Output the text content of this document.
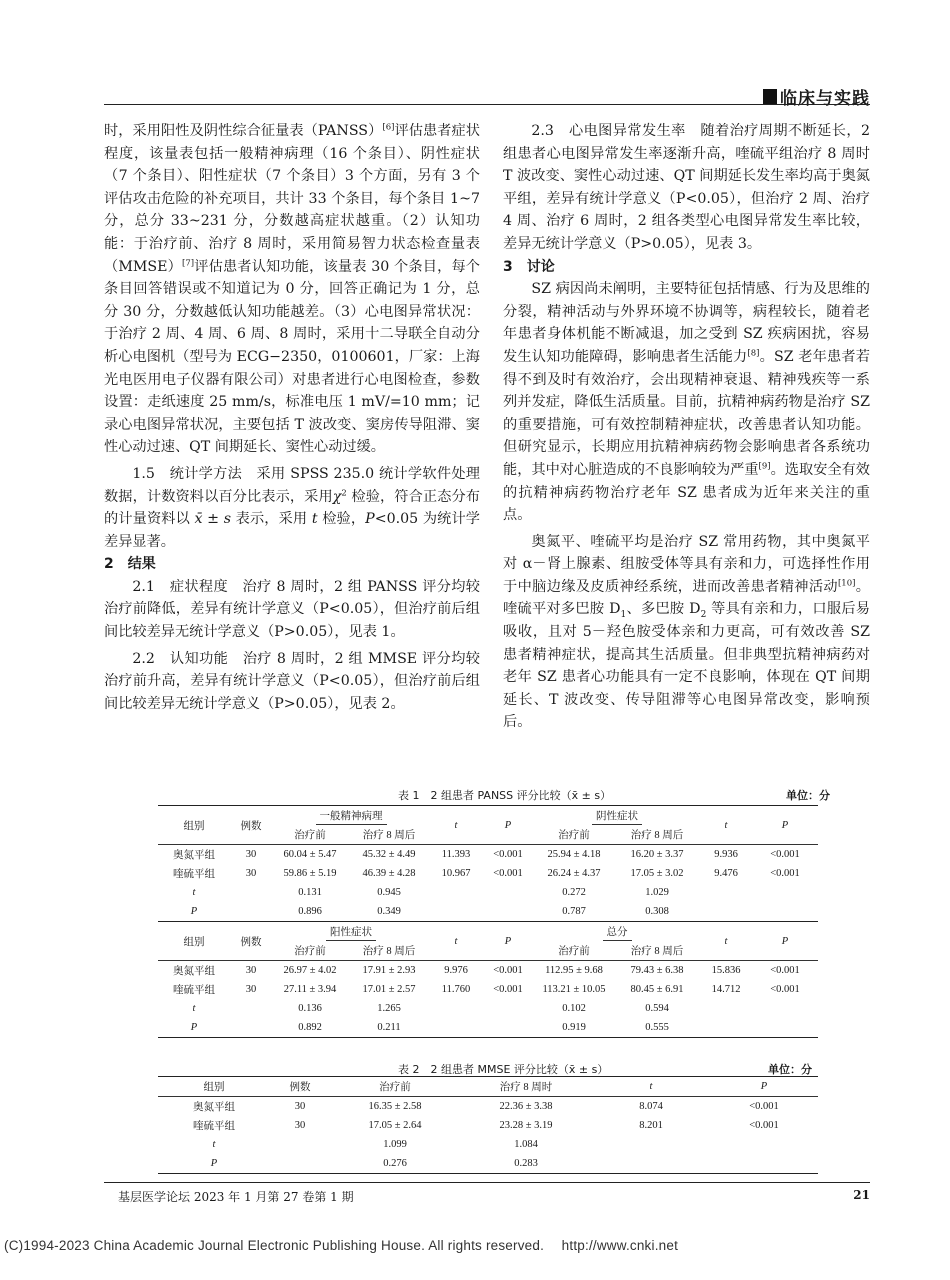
临床与实践

时，采用阳性及阴性综合征量表（PANSS）[6]评估患者症状程度，该量表包括一般精神病理（16 个条目）、阴性症状（7 个条目）、阳性症状（7 个条目）3 个方面，另有 3 个评估攻击危险的补充项目，共计 33 个条目，每个条目 1~7 分，总分 33~231 分，分数越高症状越重。（2）认知功能：于治疗前、治疗 8 周时，采用简易智力状态检查量表（MMSE）[7]评估患者认知功能，该量表 30 个条目，每个条目回答错误或不知道记为 0 分，回答正确记为 1 分，总分 30 分，分数越低认知功能越差。（3）心电图异常状况：于治疗 2 周、4 周、6 周、8 周时，采用十二导联全自动分析心电图机（型号为 ECG−2350，0100601，厂家：上海光电医用电子仪器有限公司）对患者进行心电图检查，参数设置：走纸速度 25 mm/s，标准电压 1 mV/=10 mm；记录心电图异常状况，主要包括 T 波改变、窦房传导阻滞、窦性心动过速、QT 间期延长、窦性心动过缓。

1.5　统计学方法　采用 SPSS 235.0 统计学软件处理数据，计数资料以百分比表示，采用$\chi^2$ 检验，符合正态分布的计量资料以 x̄ ± s 表示，采用 t 检验，P<0.05 为统计学差异显著。

2　结果

2.1　症状程度　治疗 8 周时，2 组 PANSS 评分均较治疗前降低，差异有统计学意义（P<0.05），但治疗前后组间比较差异无统计学意义（P>0.05），见表 1。

2.2　认知功能　治疗 8 周时，2 组 MMSE 评分均较治疗前升高，差异有统计学意义（P<0.05），但治疗前后组间比较差异无统计学意义（P>0.05），见表 2。

2.3　心电图异常发生率　随着治疗周期不断延长，2 组患者心电图异常发生率逐渐升高，喹硫平组治疗 8 周时 T 波改变、窦性心动过速、QT 间期延长发生率均高于奥氮平组，差异有统计学意义（P<0.05），但治疗 2 周、治疗 4 周、治疗 6 周时，2 组各类型心电图异常发生率比较，差异无统计学意义（P>0.05），见表 3。

3　讨论

SZ 病因尚未阐明，主要特征包括情感、行为及思维的分裂，精神活动与外界环境不协调等，病程较长，随着老年患者身体机能不断减退，加之受到 SZ 疾病困扰，容易发生认知功能障碍，影响患者生活能力[8]。SZ 老年患者若得不到及时有效治疗，会出现精神衰退、精神残疾等一系列并发症，降低生活质量。目前，抗精神病药物是治疗 SZ 的重要措施，可有效控制精神症状，改善患者认知功能。但研究显示，长期应用抗精神病药物会影响患者各系统功能，其中对心脏造成的不良影响较为严重[9]。选取安全有效的抗精神病药物治疗老年 SZ 患者成为近年来关注的重点。

奥氮平、喹硫平均是治疗 SZ 常用药物，其中奥氮平对 α－肾上腺素、组胺受体等具有亲和力，可选择性作用于中脑边缘及皮质神经系统，进而改善患者精神活动[10]。喹硫平对多巴胺 $D_1$、多巴胺 $D_2$ 等具有亲和力，口服后易吸收，且对 5－羟色胺受体亲和力更高，可有效改善 SZ 患者精神症状，提高其生活质量。但非典型抗精神病药对老年 SZ 患者心功能具有一定不良影响，体现在 QT 间期延长、T 波改变、传导阻滞等心电图异常改变，影响预后。

表 1　2 组患者 PANSS 评分比较（x̄ ± s）	单位：分
组别	例数	一般精神病理		t	P	阴性症状		t	P
		治疗前	治疗 8 周后			治疗前	治疗 8 周后		
奥氮平组	30	60.04 ± 5.47	45.32 ± 4.49	11.393	<0.001	25.94 ± 4.18	16.20 ± 3.37	9.936	<0.001
喹硫平组	30	59.86 ± 5.19	46.39 ± 4.28	10.967	<0.001	26.24 ± 4.37	17.05 ± 3.02	9.476	<0.001
t		0.131	0.945			0.272	1.029		
P		0.896	0.349			0.787	0.308		
组别	例数	阳性症状		t	P	总分		t	P
		治疗前	治疗 8 周后			治疗前	治疗 8 周后		
奥氮平组	30	26.97 ± 4.02	17.91 ± 2.93	9.976	<0.001	112.95 ± 9.68	79.43 ± 6.38	15.836	<0.001
喹硫平组	30	27.11 ± 3.94	17.01 ± 2.57	11.760	<0.001	113.21 ± 10.05	80.45 ± 6.91	14.712	<0.001
t		0.136	1.265			0.102	0.594		
P		0.892	0.211			0.919	0.555		
表 2　2 组患者 MMSE 评分比较（x̄ ± s）	单位：分
组别	例数	治疗前	治疗 8 周时	t	P
奥氮平组	30	16.35 ± 2.58	22.36 ± 3.38	8.074	<0.001
喹硫平组	30	17.05 ± 2.64	23.28 ± 3.19	8.201	<0.001
t		1.099	1.084		
P		0.276	0.283		
基层医学论坛 2023 年 1 月第 27 卷第 1 期	21
(C)1994-2023 China Academic Journal Electronic Publishing House. All rights reserved.　 http://www.cnki.net
